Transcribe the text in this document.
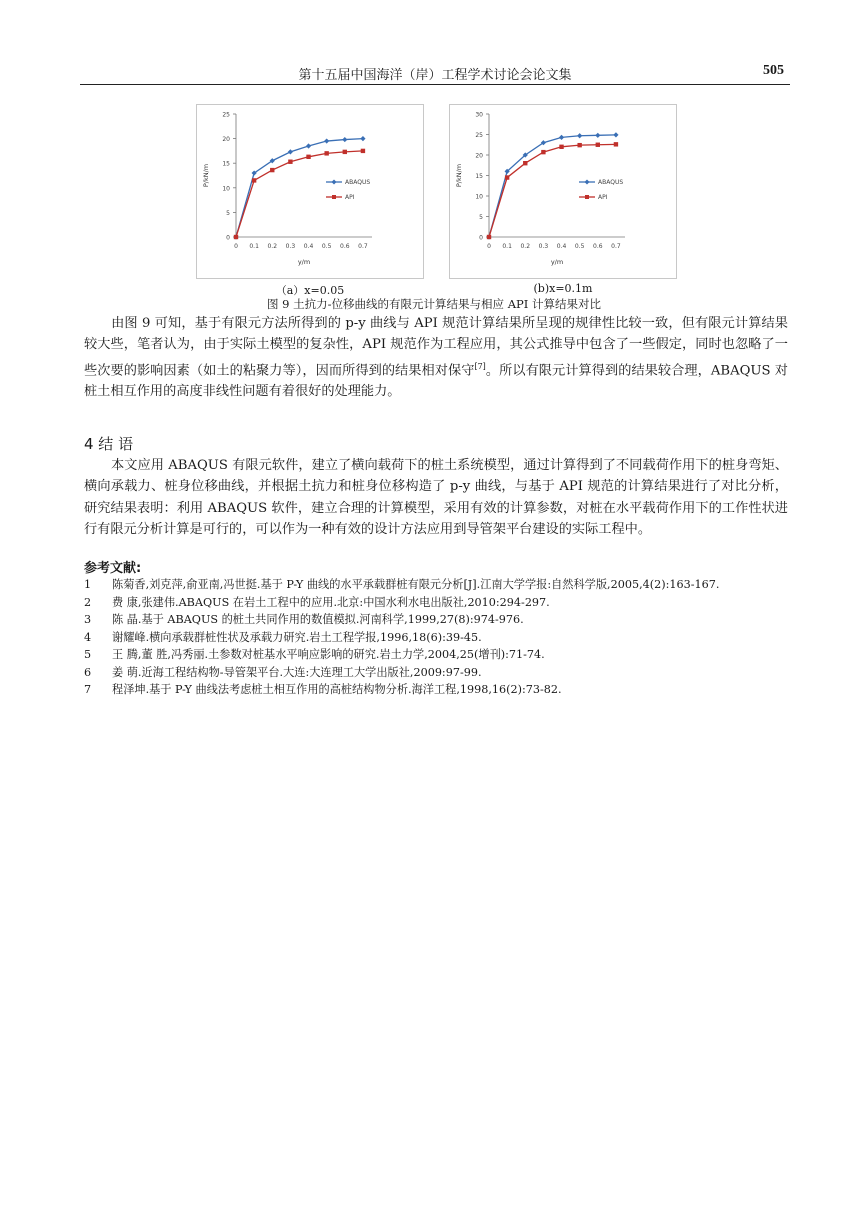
第十五届中国海洋（岸）工程学术讨论会论文集	505
0
5
10
15
20
25
0 0.1 0.2 0.3 0.4 0.5 0.6 0.7
y/m
P/kN/m	ABAQUS
API
0
5
10
15
20
25
30
0 0.1 0.2 0.3 0.4 0.5 0.6 0.7
y/m
P/kN/m	ABAQUS
API
（a）x=0.05	(b)x=0.1m
图 9 土抗力-位移曲线的有限元计算结果与相应 API 计算结果对比

由图 9 可知，基于有限元方法所得到的 p-y 曲线与 API 规范计算结果所呈现的规律性比较一致，但有限元计算结果较大些，笔者认为，由于实际土模型的复杂性，API 规范作为工程应用，其公式推导中包含了一些假定，同时也忽略了一些次要的影响因素（如土的粘聚力等），因而所得到的结果相对保守[7]。所以有限元计算得到的结果较合理，ABAQUS 对桩土相互作用的高度非线性问题有着很好的处理能力。

4 结 语

本文应用 ABAQUS 有限元软件，建立了横向载荷下的桩土系统模型，通过计算得到了不同载荷作用下的桩身弯矩、横向承载力、桩身位移曲线，并根据土抗力和桩身位移构造了 p-y 曲线，与基于 API 规范的计算结果进行了对比分析，研究结果表明：利用 ABAQUS 软件，建立合理的计算模型，采用有效的计算参数，对桩在水平载荷作用下的工作性状进行有限元分析计算是可行的，可以作为一种有效的设计方法应用到导管架平台建设的实际工程中。

参考文献:
1 陈菊香,刘克萍,俞亚南,冯世挺.基于 P-Y 曲线的水平承载群桩有限元分析[J].江南大学学报:自然科学版,2005,4(2):163-167.
2 费 康,张建伟.ABAQUS 在岩土工程中的应用.北京:中国水利水电出版社,2010:294-297.
3 陈 晶.基于 ABAQUS 的桩土共同作用的数值模拟.河南科学,1999,27(8):974-976.
4 谢耀峰.横向承载群桩性状及承载力研究.岩土工程学报,1996,18(6):39-45.
5 王 腾,董 胜,冯秀丽.土参数对桩基水平响应影响的研究.岩土力学,2004,25(增刊):71-74.
6 姜 萌.近海工程结构物-导管架平台.大连:大连理工大学出版社,2009:97-99.
7 程泽坤.基于 P-Y 曲线法考虑桩土相互作用的高桩结构物分析.海洋工程,1998,16(2):73-82.
